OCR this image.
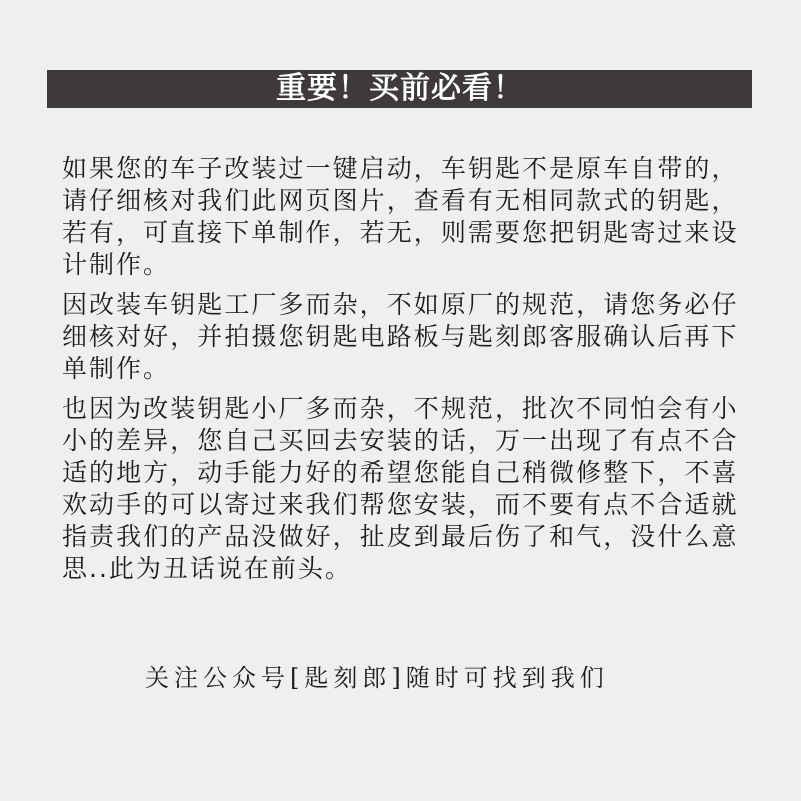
重要！买前必看！
如果您的车子改装过一键启动，车钥匙不是原车自带的，
请仔细核对我们此网页图片，查看有无相同款式的钥匙，
若有，可直接下单制作，若无，则需要您把钥匙寄过来设
计制作。
因改装车钥匙工厂多而杂，不如原厂的规范，请您务必仔
细核对好，并拍摄您钥匙电路板与匙刻郎客服确认后再下
单制作。
也因为改装钥匙小厂多而杂，不规范，批次不同怕会有小
小的差异，您自己买回去安装的话，万一出现了有点不合
适的地方，动手能力好的希望您能自己稍微修整下，不喜
欢动手的可以寄过来我们帮您安装，而不要有点不合适就
指责我们的产品没做好，扯皮到最后伤了和气，没什么意
思..此为丑话说在前头。
关注公众号[匙刻郎]随时可找到我们
